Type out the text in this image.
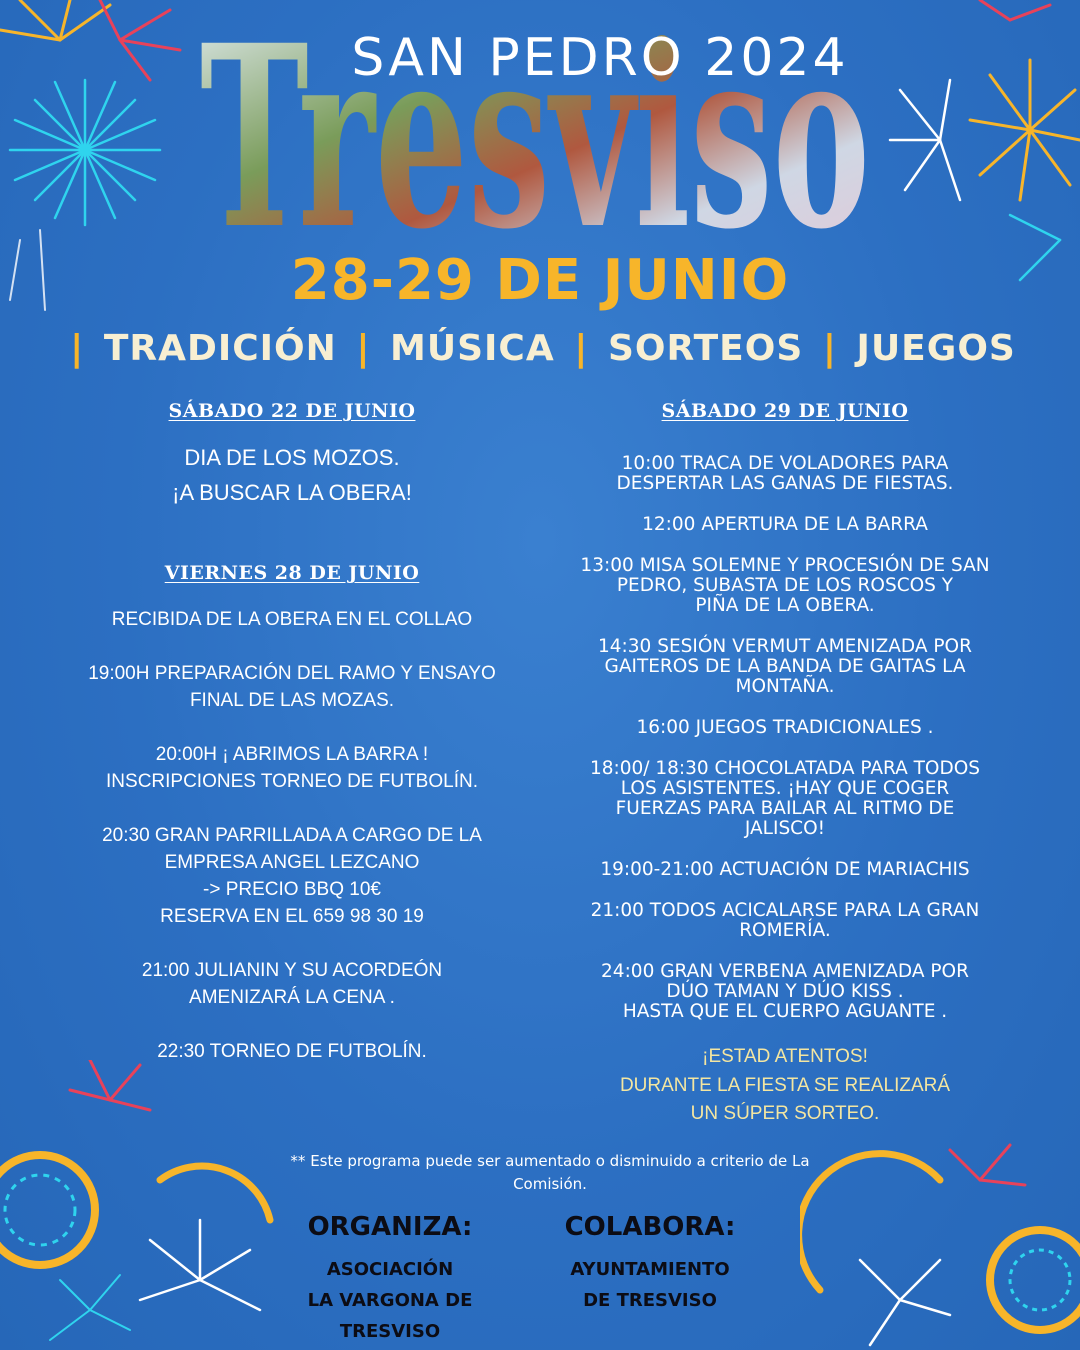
Tresviso
SAN PEDRO 2024
28-29 DE JUNIO
| TRADICIÓN | MÚSICA | SORTEOS | JUEGOS

SÁBADO 22 DE JUNIO

DIA DE LOS MOZOS.
¡A BUSCAR LA OBERA!

VIERNES 28 DE JUNIO

RECIBIDA DE LA OBERA EN EL COLLAO

19:00H PREPARACIÓN DEL RAMO Y ENSAYO
FINAL DE LAS MOZAS.

20:00H ¡ ABRIMOS LA BARRA !
INSCRIPCIONES TORNEO DE FUTBOLÍN.

20:30 GRAN PARRILLADA A CARGO DE LA
EMPRESA ANGEL LEZCANO
-> PRECIO BBQ 10€
RESERVA EN EL 659 98 30 19

21:00 JULIANIN Y SU ACORDEÓN
AMENIZARÁ LA CENA .

22:30 TORNEO DE FUTBOLÍN.

SÁBADO 29 DE JUNIO

10:00 TRACA DE VOLADORES PARA
DESPERTAR LAS GANAS DE FIESTAS.

12:00 APERTURA DE LA BARRA

13:00 MISA SOLEMNE Y PROCESIÓN DE SAN
PEDRO, SUBASTA DE LOS ROSCOS Y
PIÑA DE LA OBERA.

14:30 SESIÓN VERMUT AMENIZADA POR
GAITEROS DE LA BANDA DE GAITAS LA
MONTAÑA.

16:00 JUEGOS TRADICIONALES .

18:00/ 18:30 CHOCOLATADA PARA TODOS
LOS ASISTENTES. ¡HAY QUE COGER
FUERZAS PARA BAILAR AL RITMO DE
JALISCO!

19:00-21:00 ACTUACIÓN DE MARIACHIS

21:00 TODOS ACICALARSE PARA LA GRAN
ROMERÍA.

24:00 GRAN VERBENA AMENIZADA POR
DÚO TAMAN Y DÚO KISS .
HASTA QUE EL CUERPO AGUANTE .

¡ESTAD ATENTOS!
DURANTE LA FIESTA SE REALIZARÁ
UN SÚPER SORTEO.

** Este programa puede ser aumentado o disminuido a criterio de La Comisión.
ORGANIZA:

ASOCIACIÓN
LA VARGONA DE
TRESVISO

COLABORA:

AYUNTAMIENTO
DE TRESVISO
